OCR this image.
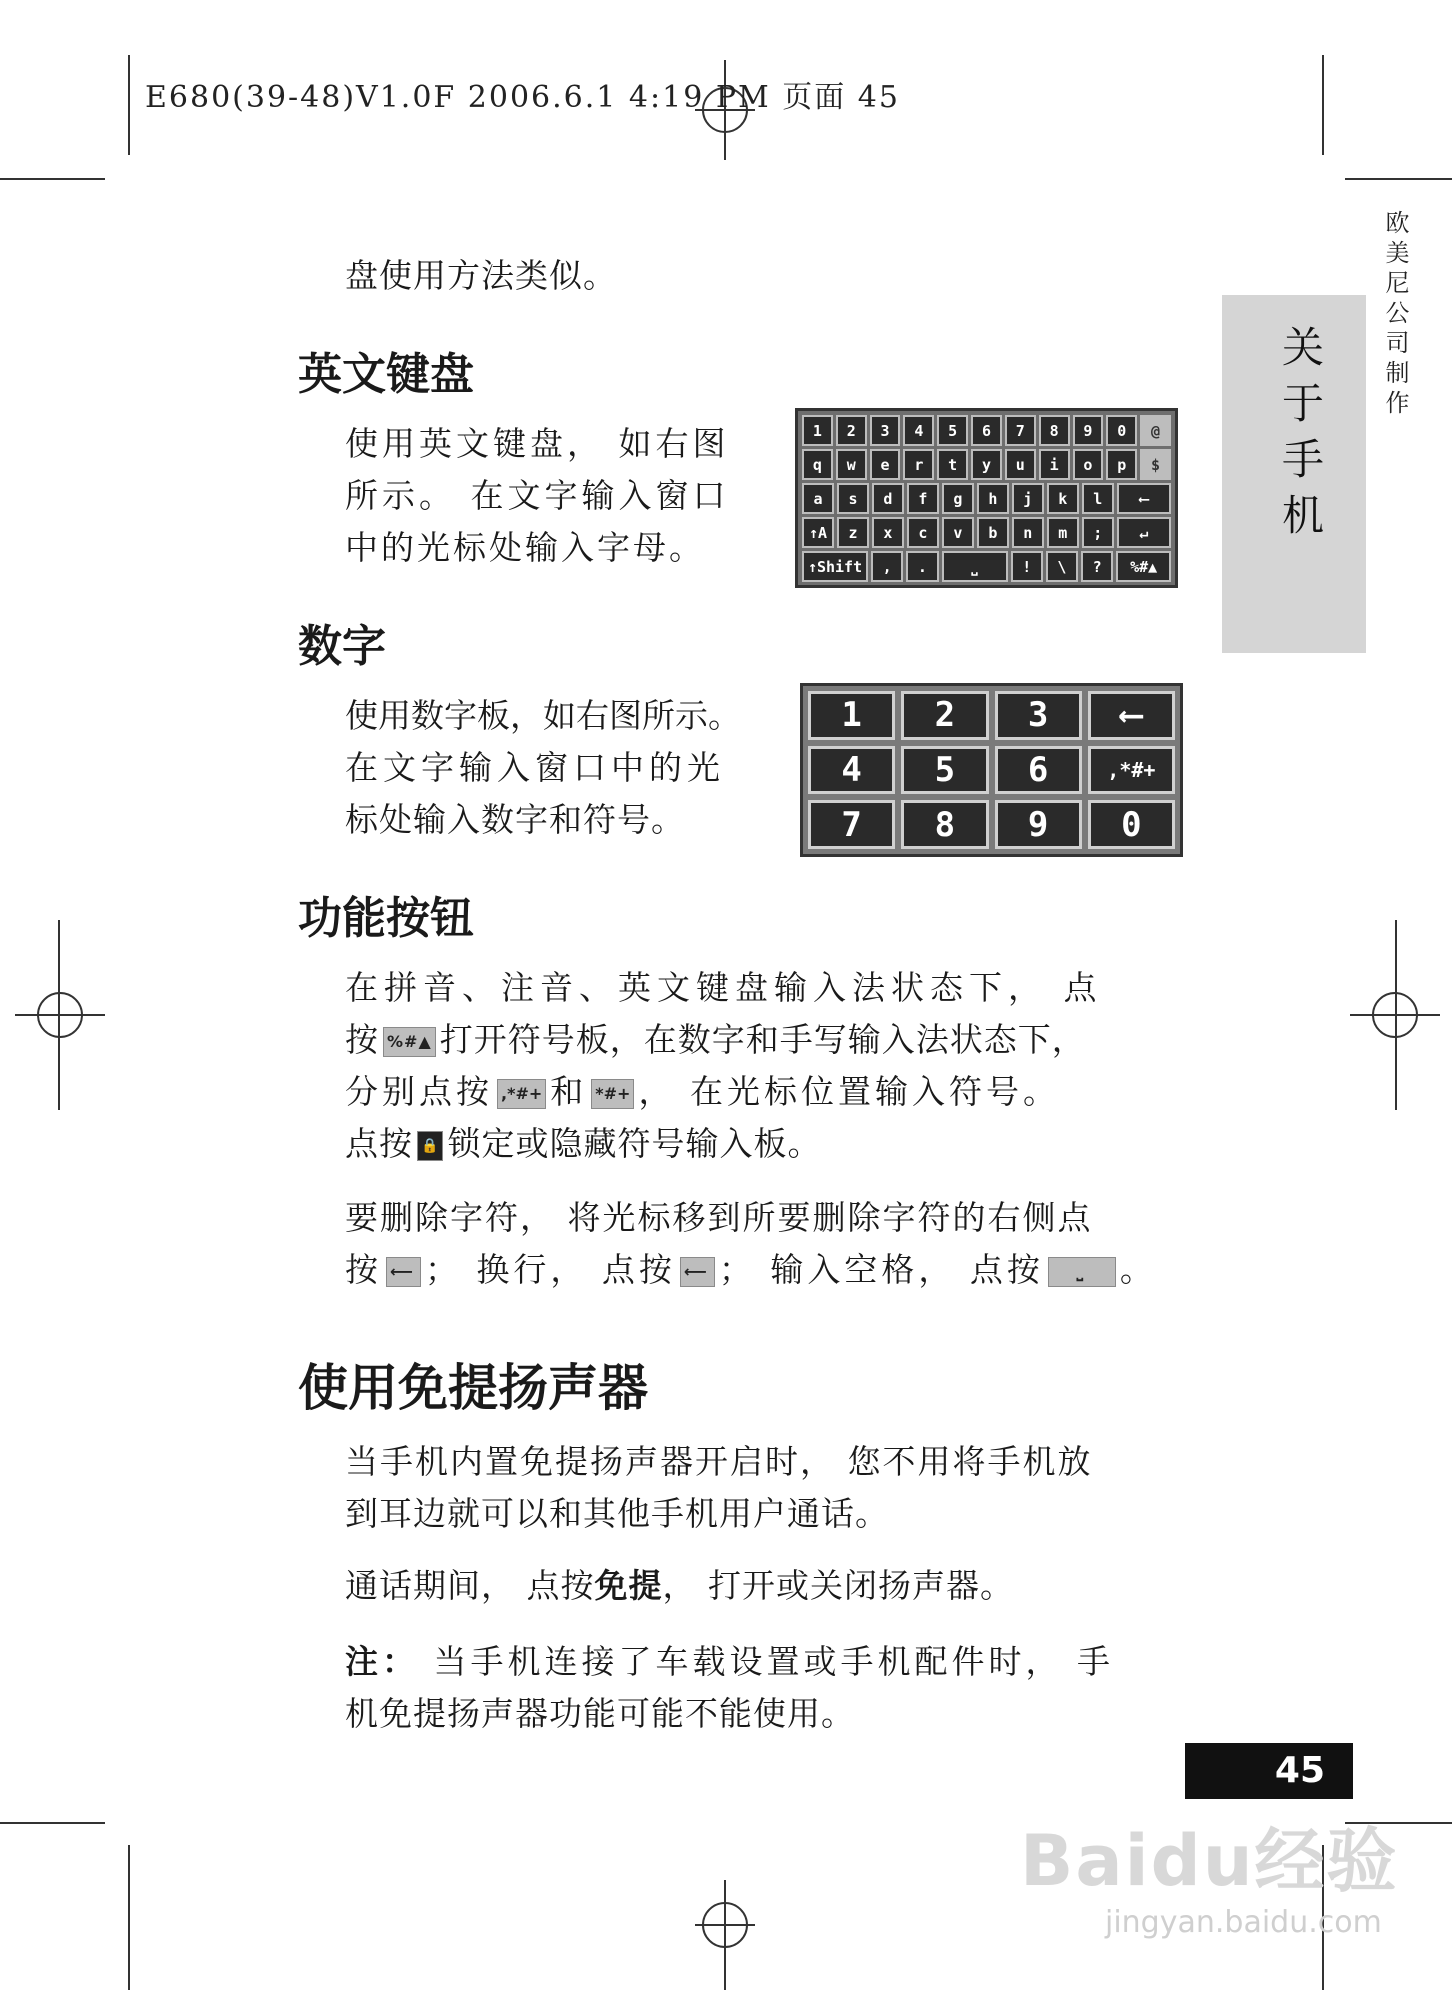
E680(39-48)V1.0F 2006.6.1 4:19 PM 页面 45
欧美尼公司制作
关于手机
盘使用方法类似。
英文键盘
使用英文键盘， 如右图
所示。 在文字输入窗口
中的光标处输入字母。
1	2	3	4	5	6	7	8	9	0	@
q	w	e	r	t	y	u	i	o	p	$
a	s	d	f	g	h	j	k	l	⟵
↑A	z	x	c	v	b	n	m	;	↵
↑Shift	,	.	⎵	!	\	?	%#▲
数字
使用数字板，如右图所示。
在文字输入窗口中的光
标处输入数字和符号。
1	2	3	⟵
4	5	6	,*#+
7	8	9	0
功能按钮
在拼音、注音、英文键盘输入法状态下， 点
按 %#▲ 打开符号板，在数字和手写输入法状态下，
分别点按 ,*#+ 和 *#+ ， 在光标位置输入符号。
点按 🔒 锁定或隐藏符号输入板。
要删除字符， 将光标移到所要删除字符的右侧点
按 ⟵ ； 换行， 点按 ⟵ ； 输入空格， 点按 ⎵ 。
使用免提扬声器
当手机内置免提扬声器开启时， 您不用将手机放
到耳边就可以和其他手机用户通话。
通话期间， 点按免提， 打开或关闭扬声器。
注： 当手机连接了车载设置或手机配件时， 手
机免提扬声器功能可能不能使用。
45
Baidu经验
jingyan.baidu.com
